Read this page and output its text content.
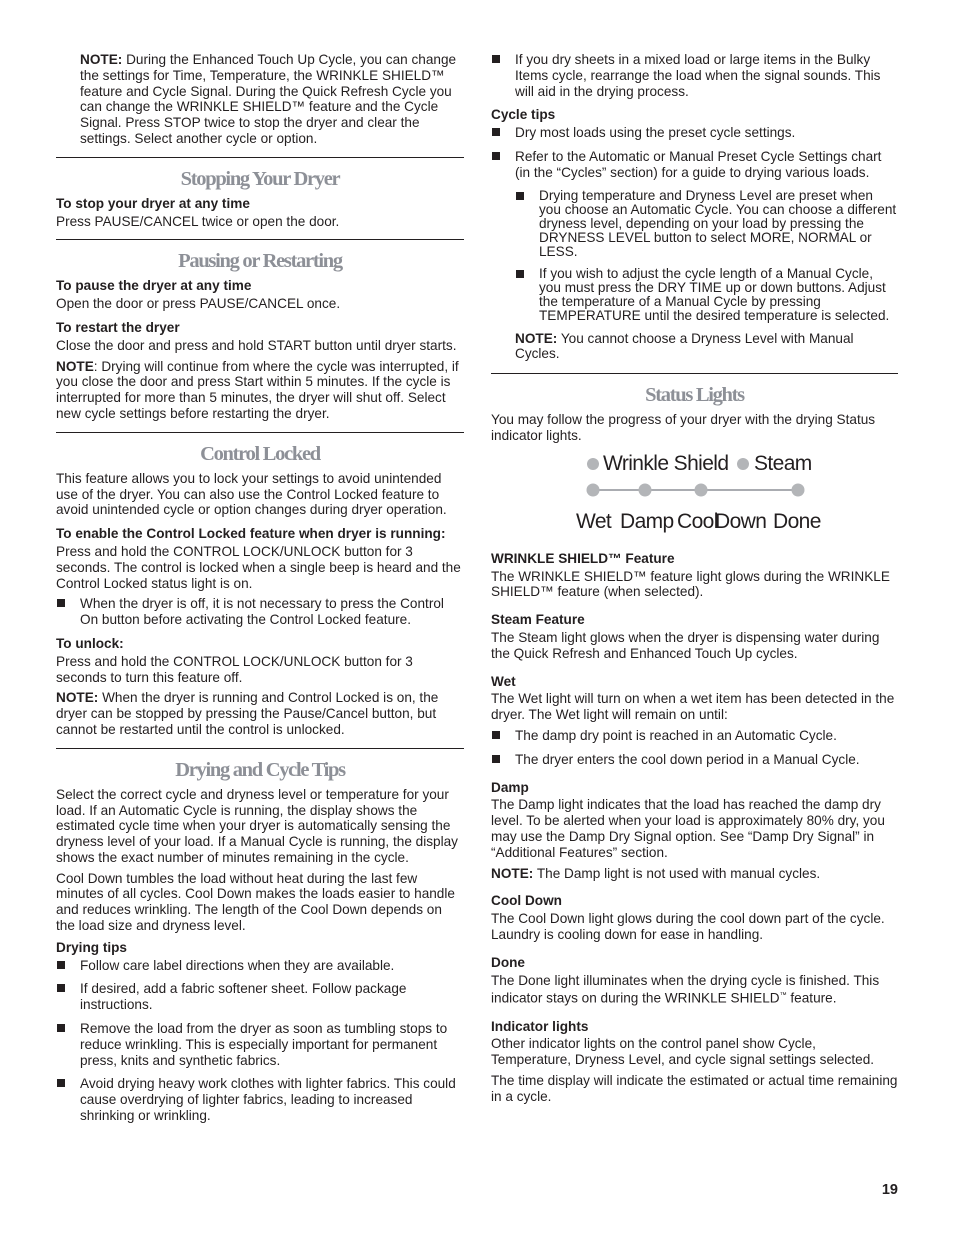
NOTE: During the Enhanced Touch Up Cycle, you can change the settings for Time, Temperature, the WRINKLE SHIELD™ feature and Cycle Signal. During the Quick Refresh Cycle you can change the WRINKLE SHIELD™ feature and the Cycle Signal. Press STOP twice to stop the dryer and clear the settings. Select another cycle or option.

Stopping Your Dryer
To stop your dryer at any time

Press PAUSE/CANCEL twice or open the door.

Pausing or Restarting
To pause the dryer at any time

Open the door or press PAUSE/CANCEL once.

To restart the dryer

Close the door and press and hold START button until dryer starts.

NOTE: Drying will continue from where the cycle was interrupted, if you close the door and press Start within 5 minutes. If the cycle is interrupted for more than 5 minutes, the dryer will shut off. Select new cycle settings before restarting the dryer.

Control Locked

This feature allows you to lock your settings to avoid unintended use of the dryer. You can also use the Control Locked feature to avoid unintended cycle or option changes during dryer operation.

To enable the Control Locked feature when dryer is running:

Press and hold the CONTROL LOCK/UNLOCK button for 3 seconds. The control is locked when a single beep is heard and the Control Locked status light is on.

When the dryer is off, it is not necessary to press the Control On button before activating the Control Locked feature.
To unlock:

Press and hold the CONTROL LOCK/UNLOCK button for 3 seconds to turn this feature off.

NOTE: When the dryer is running and Control Locked is on, the dryer can be stopped by pressing the Pause/Cancel button, but cannot be restarted until the control is unlocked.

Drying and Cycle Tips

Select the correct cycle and dryness level or temperature for your load. If an Automatic Cycle is running, the display shows the estimated cycle time when your dryer is automatically sensing the dryness level of your load. If a Manual Cycle is running, the display shows the exact number of minutes remaining in the cycle.

Cool Down tumbles the load without heat during the last few minutes of all cycles. Cool Down makes the loads easier to handle and reduces wrinkling. The length of the Cool Down depends on the load size and dryness level.

Drying tips
Follow care label directions when they are available.
If desired, add a fabric softener sheet. Follow package instructions.
Remove the load from the dryer as soon as tumbling stops to reduce wrinkling. This is especially important for permanent press, knits and synthetic fabrics.
Avoid drying heavy work clothes with lighter fabrics. This could cause overdrying of lighter fabrics, leading to increased shrinking or wrinkling.
If you dry sheets in a mixed load or large items in the Bulky Items cycle, rearrange the load when the signal sounds. This will aid in the drying process.
Cycle tips
Dry most loads using the preset cycle settings.
Refer to the Automatic or Manual Preset Cycle Settings chart (in the “Cycles” section) for a guide to drying various loads.
Drying temperature and Dryness Level are preset when you choose an Automatic Cycle. You can choose a different dryness level, depending on your load by pressing the DRYNESS LEVEL button to select MORE, NORMAL or LESS.
If you wish to adjust the cycle length of a Manual Cycle, you must press the DRY TIME up or down buttons. Adjust the temperature of a Manual Cycle by pressing TEMPERATURE until the desired temperature is selected.

NOTE: You cannot choose a Dryness Level with Manual Cycles.

Status Lights

You may follow the progress of your dryer with the drying Status indicator lights.

Wrinkle Shield Steam
Wet Damp Cool
Down Done
WRINKLE SHIELD™ Feature

The WRINKLE SHIELD™ feature light glows during the WRINKLE SHIELD™ feature (when selected).

Steam Feature

The Steam light glows when the dryer is dispensing water during the Quick Refresh and Enhanced Touch Up cycles.

Wet

The Wet light will turn on when a wet item has been detected in the dryer. The Wet light will remain on until:

The damp dry point is reached in an Automatic Cycle.
The dryer enters the cool down period in a Manual Cycle.
Damp

The Damp light indicates that the load has reached the damp dry level. To be alerted when your load is approximately 80% dry, you may use the Damp Dry Signal option. See “Damp Dry Signal” in “Additional Features” section.

NOTE: The Damp light is not used with manual cycles.

Cool Down

The Cool Down light glows during the cool down part of the cycle. Laundry is cooling down for ease in handling.

Done

The Done light illuminates when the drying cycle is finished. This indicator stays on during the WRINKLE SHIELD™ feature.

Indicator lights

Other indicator lights on the control panel show Cycle, Temperature, Dryness Level, and cycle signal settings selected.

The time display will indicate the estimated or actual time remaining in a cycle.

19
